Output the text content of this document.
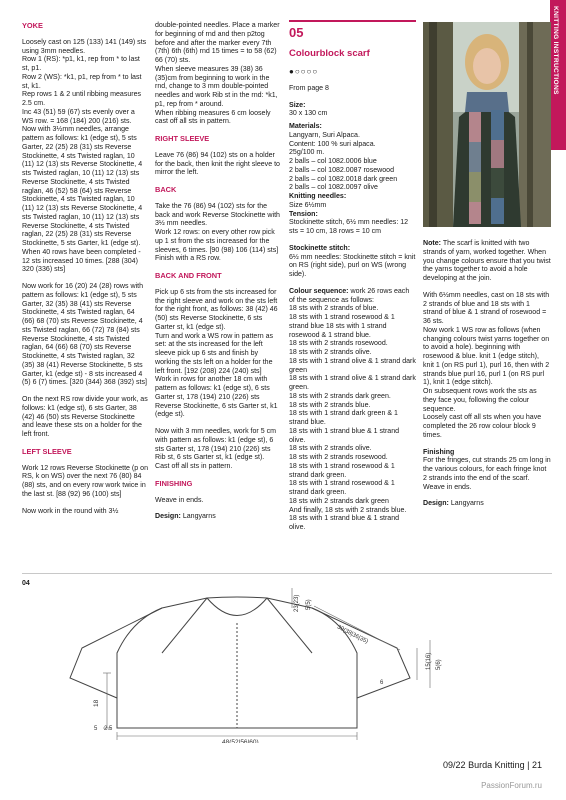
KNITTING INSTRUCTIONS

YOKE

Loosely cast on 125 (133) 141 (149) sts using 3mm needles.
Row 1 (RS): *p1, k1, rep from * to last st, p1.
Row 2 (WS): *k1, p1, rep from * to last st, k1.
Rep rows 1 & 2 until ribbing measures 2.5 cm.
Inc 43 (51) 59 (67) sts evenly over a WS row. = 168 (184) 200 (216) sts.
Now with 3½mm needles, arrange pattern as follows: k1 (edge st), 5 sts Garter, 22 (25) 28 (31) sts Reverse Stockinette, 4 sts Twisted raglan, 10 (11) 12 (13) sts Reverse Stockinette, 4 sts Twisted raglan, 10 (11) 12 (13) sts Reverse Stockinette, 4 sts Twisted raglan, 46 (52) 58 (64) sts Reverse Stockinette, 4 sts Twisted raglan, 10 (11) 12 (13) sts Reverse Stockinette, 4 sts Twisted raglan, 10 (11) 12 (13) sts Reverse Stockinette, 4 sts Twisted raglan, 22 (25) 28 (31) sts Reverse Stockinette, 5 sts Garter, k1 (edge st).
When 40 rows have been completed - 12 sts increased 10 times. [288 (304) 320 (336) sts]

Now work for 16 (20) 24 (28) rows with pattern as follows: k1 (edge st), 5 sts Garter, 32 (35) 38 (41) sts Reverse Stockinette, 4 sts Twisted raglan, 64 (66) 68 (70) sts Reverse Stockinette, 4 sts Twisted raglan, 66 (72) 78 (84) sts Reverse Stockinette, 4 sts Twisted raglan, 64 (66) 68 (70) sts Reverse Stockinette, 4 sts Twisted raglan, 32 (35) 38 (41) Reverse Stockinette, 5 sts Garter, k1 (edge st) - 8 sts increased 4 (5) 6 (7) times. [320 (344) 368 (392) sts]

On the next RS row divide your work, as follows: k1 (edge st), 6 sts Garter, 38 (42) 46 (50) sts Reverse Stockinette and leave these sts on a holder for the left front.

LEFT SLEEVE

Work 12 rows Reverse Stockinette (p on RS, k on WS) over the next 76 (80) 84 (88) sts, and on every row work twice in the last st. [88 (92) 96 (100) sts]

Now work in the round with 3½

double-pointed needles. Place a marker for beginning of rnd and then p2tog before and after the marker every 7th (7th) 6th (6th) rnd 15 times = to 58 (62) 66 (70) sts.
When sleeve measures 39 (38) 36 (35)cm from beginning to work in the rnd, change to 3 mm double-pointed needles and work Rib st in the rnd: *k1, p1, rep from * around.
When ribbing measures 6 cm loosely cast off all sts in pattern.

RIGHT SLEEVE

Leave 76 (86) 94 (102) sts on a holder for the back, then knit the right sleeve to mirror the left.

BACK

Take the 76 (86) 94 (102) sts for the back and work Reverse Stockinette with 3½ mm needles.
Work 12 rows: on every other row pick up 1 st from the sts increased for the sleeves, 6 times. [90 (98) 106 (114) sts]
Finish with a RS row.

BACK AND FRONT

Pick up 6 sts from the sts increased for the right sleeve and work on the sts left for the right front, as follows: 38 (42) 46 (50) sts Reverse Stockinette, 6 sts Garter st, k1 (edge st).
Turn and work a WS row in pattern as set: at the sts increased for the left sleeve pick up 6 sts and finish by working the sts left on a holder for the left front. [192 (208) 224 (240) sts]
Work in rows for another 18 cm with pattern as follows: k1 (edge st), 6 sts Garter st, 178 (194) 210 (226) sts Reverse Stockinette, 6 sts Garter st, k1 (edge st).

Now with 3 mm needles, work for 5 cm with pattern as follows: k1 (edge st), 6 sts Garter st, 178 (194) 210 (226) sts Rib st, 6 sts Garter st, k1 (edge st).
Cast off all sts in pattern.

FINISHING

Weave in ends.

Design: Langyarns

05

Colourblock scarf

●○○○○

From page 8

Size:
30 x 130 cm

Materials:

Langyarn, Suri Alpaca.
Content: 100 % suri alpaca.
25g/100 m.
2 balls – col 1082.0006 blue
2 balls – col 1082.0087 rosewood
2 balls – col 1082.0018 dark green
2 balls – col 1082.0097 olive

Knitting needles:
Size 6½mm

Tension:

Stockinette stitch, 6½ mm needles: 12 sts = 10 cm, 18 rows = 10 cm

Stockinette stitch:

6½ mm needles: Stockinette stitch = knit on RS (right side), purl on WS (wrong side).

Colour sequence: work 26 rows each of the sequence as follows:
18 sts with 2 strands of blue.
18 sts with 1 strand rosewood & 1 strand blue 18 sts with 1 strand rosewood & 1 strand blue.
18 sts with 2 strands rosewood.
18 sts with 2 strands olive.
18 sts with 1 strand olive & 1 strand dark green
18 sts with 1 strand olive & 1 strand dark green.
18 sts with 2 strands dark green.
18 sts with 2 strands blue.
18 sts with 1 strand dark green & 1 strand blue.
18 sts with 1 strand blue & 1 strand olive.
18 sts with 2 strands olive.
18 sts with 2 strands rosewood.
18 sts with 1 strand rosewood & 1 strand dark green.
18 sts with 1 strand rosewood & 1 strand dark green.
18 sts with 2 strands dark green
And finally, 18 sts with 2 strands blue.
18 sts with 1 strand blue & 1 strand olive.

Note: The scarf is knitted with two strands of yarn, worked together. When you change colours ensure that you twist the yarns together to avoid a hole developing at the join.

With 6½mm needles, cast on 18 sts with 2 strands of blue and 18 sts with 1 strand of blue & 1 strand of rosewood = 36 sts.
Now work 1 WS row as follows (when changing colours twist yarns together on to avoid a hole). beginning with rosewood & blue. knit 1 (edge stitch), knit 1 (on RS purl 1), purl 16, then with 2 strands blue purl 16, purl 1 (on RS purl 1), knit 1 (edge stitch).
On subsequent rows work the sts as they face you, following the colour sequence.
Loosely cast off all sts when you have completed the 26 row colour block 9 times.

Finishing

For the fringes, cut strands 25 cm long in the various colours, for each fringe knot 2 strands into the end of the scarf.
Weave in ends.

Design: Langyarns

04
48(52|56|60)
18
39(38|36|35)
6
15(16) 5(6)
23(23) 5(5)
5 2.5
09/22 Burda Knitting | 21
PassionForum.ru
